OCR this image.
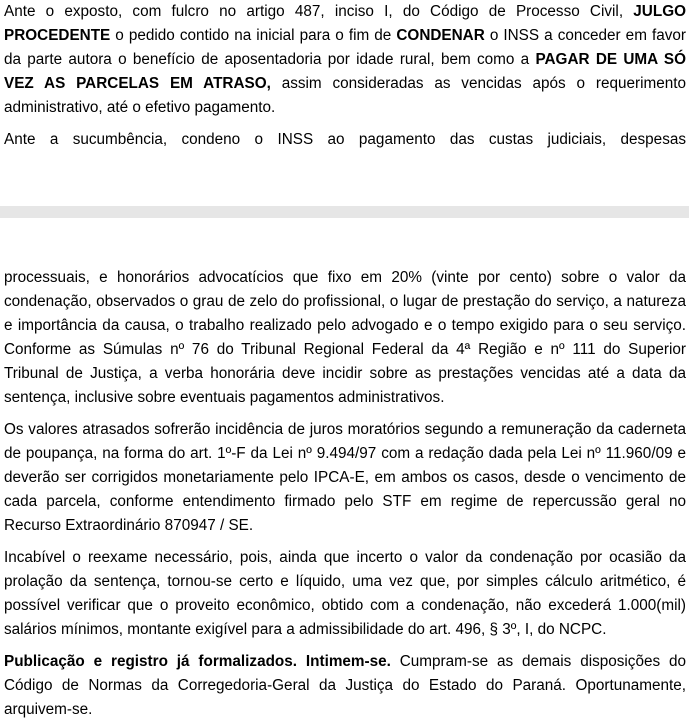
Ante o exposto, com fulcro no artigo 487, inciso I, do Código de Processo Civil, JULGO PROCEDENTE o pedido contido na inicial para o fim de CONDENAR o INSS a conceder em favor da parte autora o benefício de aposentadoria por idade rural, bem como a PAGAR DE UMA SÓ VEZ AS PARCELAS EM ATRASO, assim consideradas as vencidas após o requerimento administrativo, até o efetivo pagamento.

Ante a sucumbência, condeno o INSS ao pagamento das custas judiciais, despesas

processuais, e honorários advocatícios que fixo em 20% (vinte por cento) sobre o valor da condenação, observados o grau de zelo do profissional, o lugar de prestação do serviço, a natureza e importância da causa, o trabalho realizado pelo advogado e o tempo exigido para o seu serviço. Conforme as Súmulas nº 76 do Tribunal Regional Federal da 4ª Região e nº 111 do Superior Tribunal de Justiça, a verba honorária deve incidir sobre as prestações vencidas até a data da sentença, inclusive sobre eventuais pagamentos administrativos.

Os valores atrasados sofrerão incidência de juros moratórios segundo a remuneração da caderneta de poupança, na forma do art. 1º-F da Lei nº 9.494/97 com a redação dada pela Lei nº 11.960/09 e deverão ser corrigidos monetariamente pelo IPCA-E, em ambos os casos, desde o vencimento de cada parcela, conforme entendimento firmado pelo STF em regime de repercussão geral no Recurso Extraordinário 870947 / SE.

Incabível o reexame necessário, pois, ainda que incerto o valor da condenação por ocasião da prolação da sentença, tornou-se certo e líquido, uma vez que, por simples cálculo aritmético, é possível verificar que o proveito econômico, obtido com a condenação, não excederá 1.000(mil) salários mínimos, montante exigível para a admissibilidade do art. 496, § 3º, I, do NCPC.

Publicação e registro já formalizados. Intimem-se. Cumpram-se as demais disposições do Código de Normas da Corregedoria-Geral da Justiça do Estado do Paraná. Oportunamente, arquivem-se.
